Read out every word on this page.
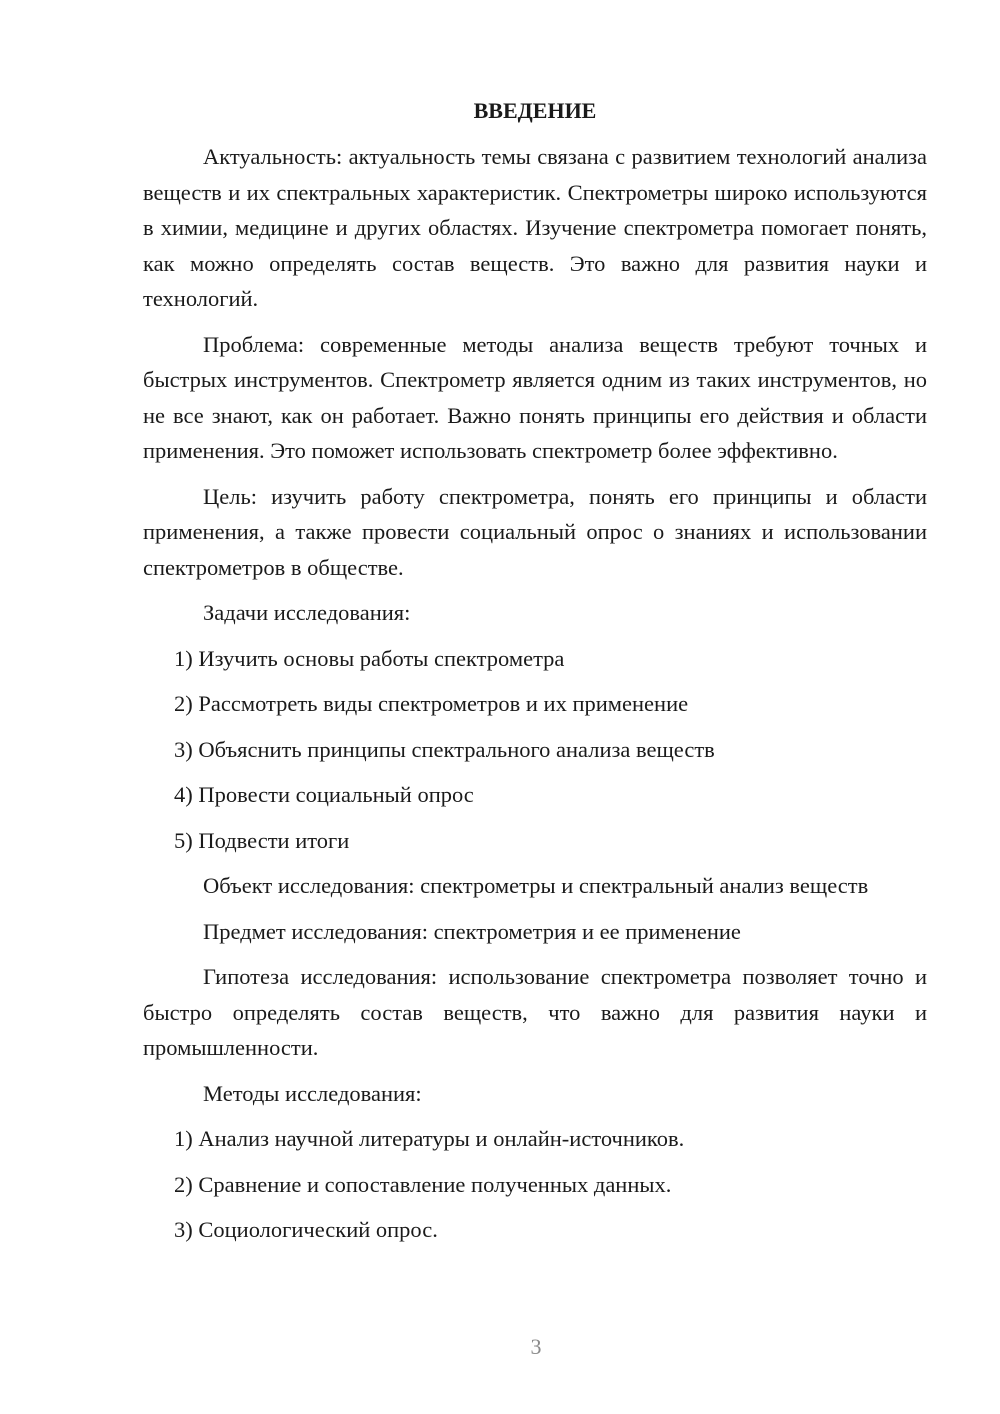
ВВЕДЕНИЕ

Актуальность: актуальность темы связана с развитием технологий анализа веществ и их спектральных характеристик. Спектрометры широко используются в химии, медицине и других областях. Изучение спектрометра помогает понять, как можно определять состав веществ. Это важно для развития науки и технологий.

Проблема: современные методы анализа веществ требуют точных и быстрых инструментов. Спектрометр является одним из таких инструментов, но не все знают, как он работает. Важно понять принципы его действия и области применения. Это поможет использовать спектрометр более эффективно.

Цель: изучить работу спектрометра, понять его принципы и области применения, а также провести социальный опрос о знаниях и использовании спектрометров в обществе.

Задачи исследования:

1) Изучить основы работы спектрометра
2) Рассмотреть виды спектрометров и их применение
3) Объяснить принципы спектрального анализа веществ
4) Провести социальный опрос
5) Подвести итоги

Объект исследования: спектрометры и спектральный анализ веществ

Предмет исследования: спектрометрия и ее применение

Гипотеза исследования: использование спектрометра позволяет точно и быстро определять состав веществ, что важно для развития науки и промышленности.

Методы исследования:

1) Анализ научной литературы и онлайн-источников.
2) Сравнение и сопоставление полученных данных.
3) Социологический опрос.
3
